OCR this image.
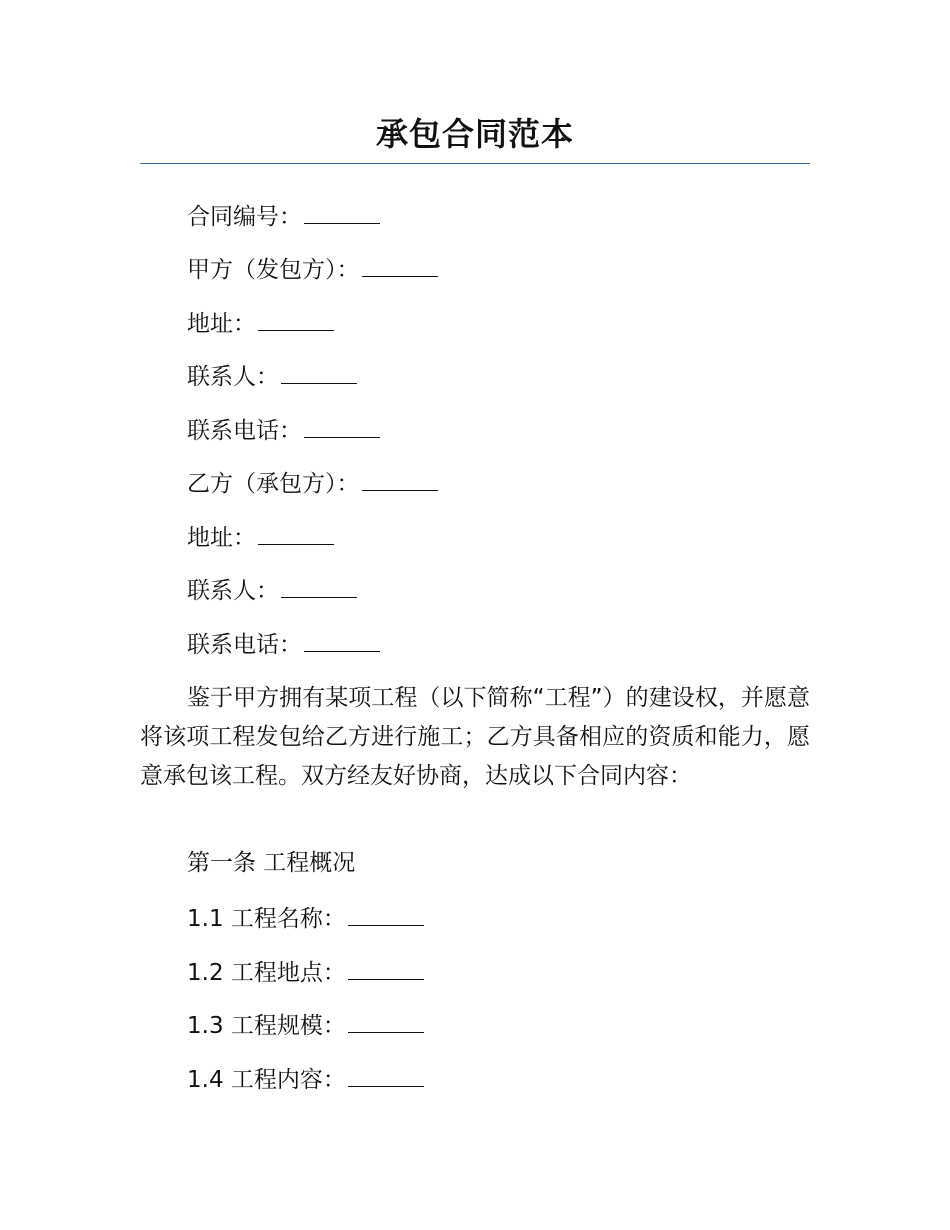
承包合同范本
合同编号：
甲方（发包方）：
地址：
联系人：
联系电话：
乙方（承包方）：
地址：
联系人：
联系电话：
鉴于甲方拥有某项工程（以下简称“工程”）的建设权，并愿意将该项工程发包给乙方进行施工；乙方具备相应的资质和能力，愿意承包该工程。双方经友好协商，达成以下合同内容：
第一条 工程概况
1.1 工程名称：
1.2 工程地点：
1.3 工程规模：
1.4 工程内容：
